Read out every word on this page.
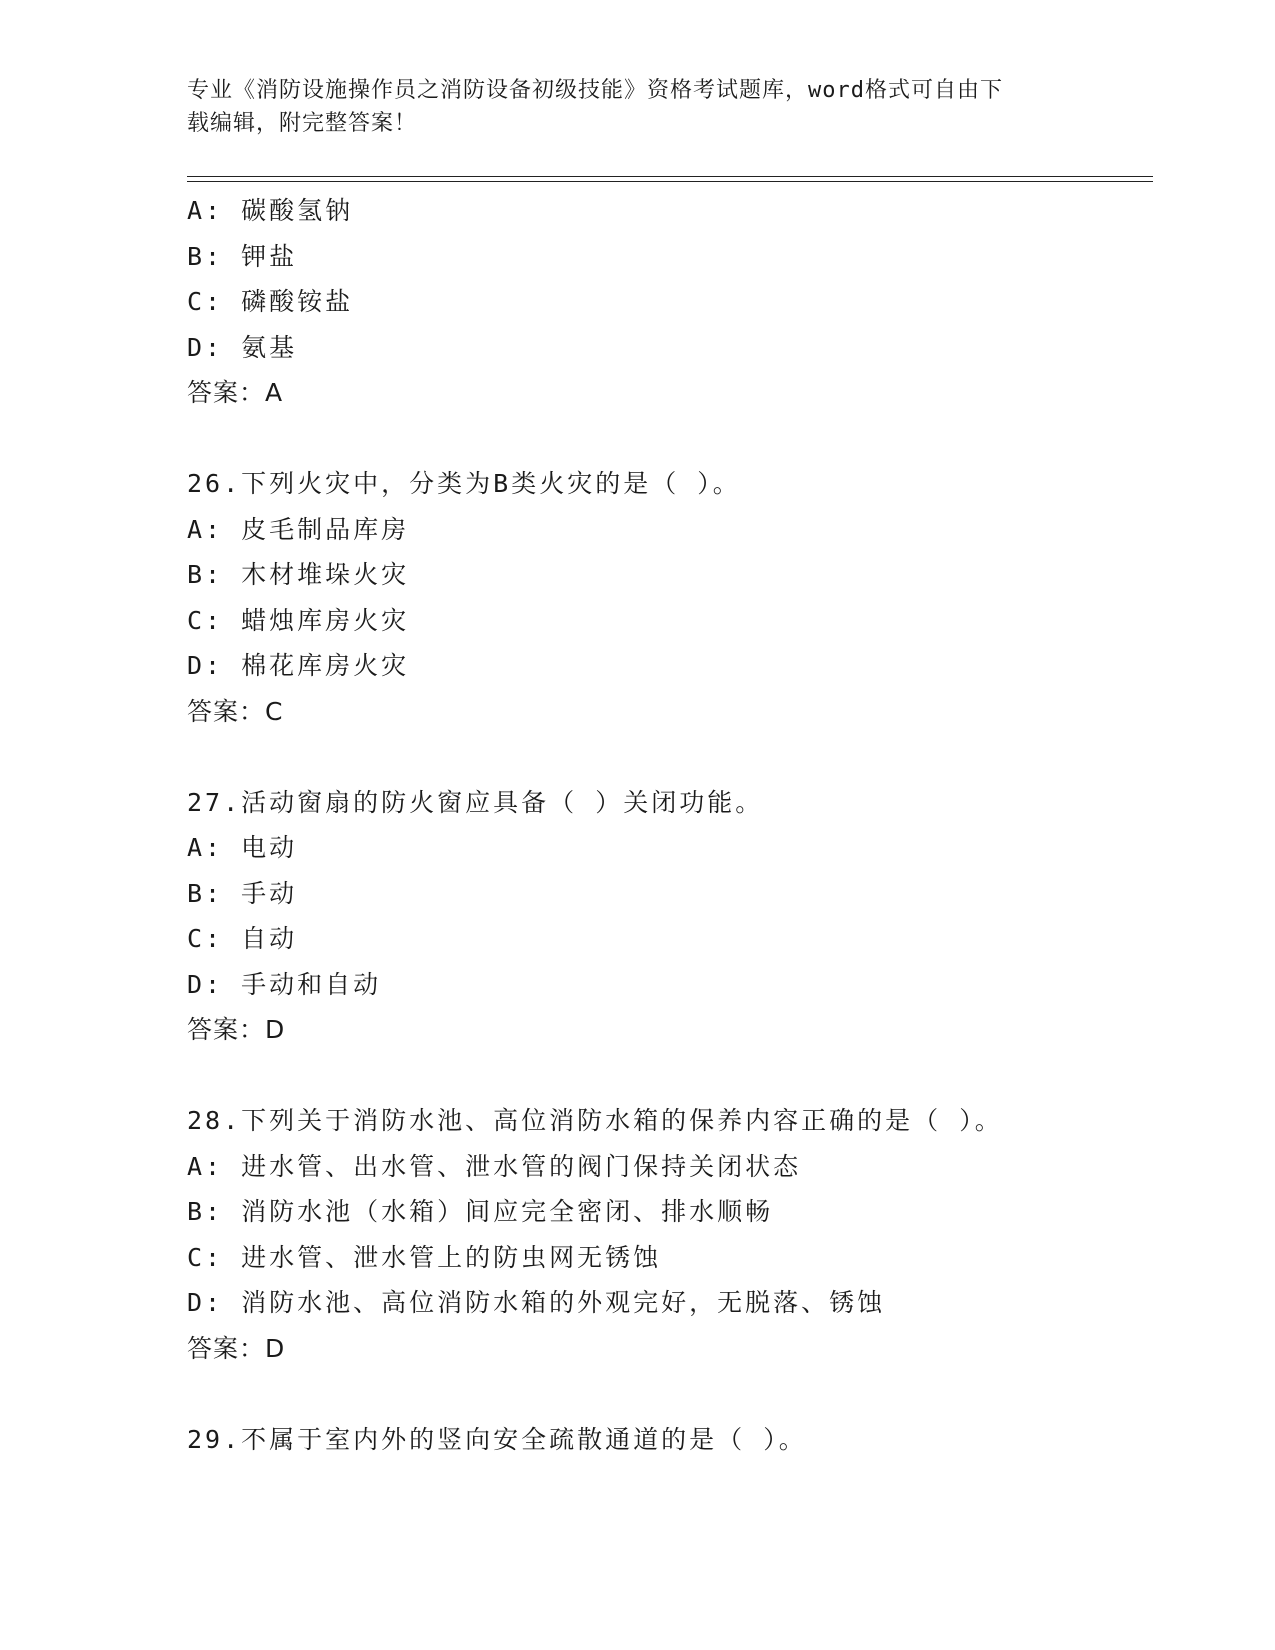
专业《消防设施操作员之消防设备初级技能》资格考试题库，word格式可自由下
载编辑，附完整答案！
A: 碳酸氢钠
B: 钾盐
C: 磷酸铵盐
D: 氨基
答案：A
26.下列火灾中，分类为B类火灾的是（ ）。
A: 皮毛制品库房
B: 木材堆垛火灾
C: 蜡烛库房火灾
D: 棉花库房火灾
答案：C
27.活动窗扇的防火窗应具备（ ）关闭功能。
A: 电动
B: 手动
C: 自动
D: 手动和自动
答案：D
28.下列关于消防水池、高位消防水箱的保养内容正确的是（ ）。
A: 进水管、出水管、泄水管的阀门保持关闭状态
B: 消防水池（水箱）间应完全密闭、排水顺畅
C: 进水管、泄水管上的防虫网无锈蚀
D: 消防水池、高位消防水箱的外观完好，无脱落、锈蚀
答案：D
29.不属于室内外的竖向安全疏散通道的是（ ）。
